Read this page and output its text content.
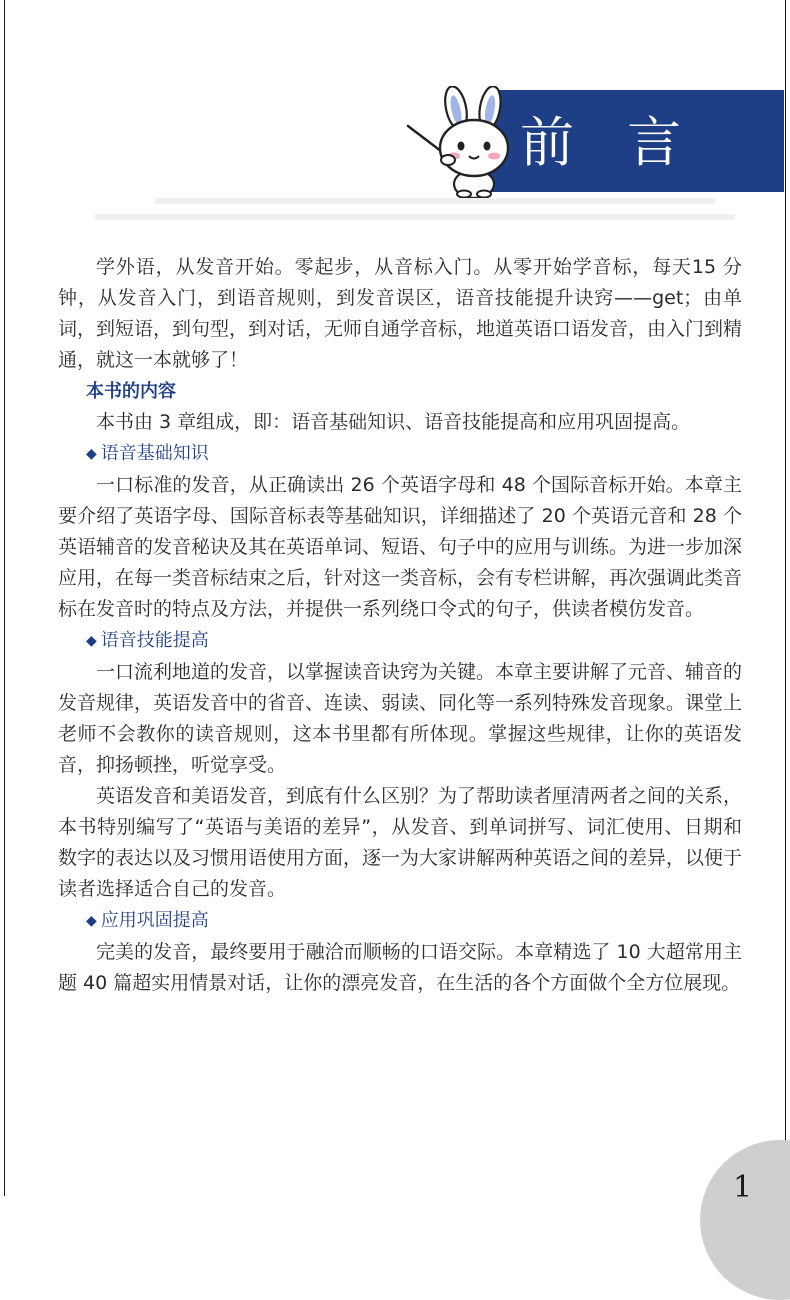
前 言

学外语，从发音开始。零起步，从音标入门。从零开始学音标，每天15 分钟，从发音入门，到语音规则，到发音误区，语音技能提升诀窍——get；由单词，到短语，到句型，到对话，无师自通学音标，地道英语口语发音，由入门到精通，就这一本就够了！

本书的内容

本书由 3 章组成，即：语音基础知识、语音技能提高和应用巩固提高。

◆ 语音基础知识

一口标准的发音，从正确读出 26 个英语字母和 48 个国际音标开始。本章主要介绍了英语字母、国际音标表等基础知识，详细描述了 20 个英语元音和 28 个英语辅音的发音秘诀及其在英语单词、短语、句子中的应用与训练。为进一步加深应用，在每一类音标结束之后，针对这一类音标，会有专栏讲解，再次强调此类音标在发音时的特点及方法，并提供一系列绕口令式的句子，供读者模仿发音。

◆ 语音技能提高

一口流利地道的发音，以掌握读音诀窍为关键。本章主要讲解了元音、辅音的发音规律，英语发音中的省音、连读、弱读、同化等一系列特殊发音现象。课堂上老师不会教你的读音规则，这本书里都有所体现。掌握这些规律，让你的英语发音，抑扬顿挫，听觉享受。

英语发音和美语发音，到底有什么区别？为了帮助读者厘清两者之间的关系，本书特别编写了“英语与美语的差异”，从发音、到单词拼写、词汇使用、日期和数字的表达以及习惯用语使用方面，逐一为大家讲解两种英语之间的差异，以便于读者选择适合自己的发音。

◆ 应用巩固提高

完美的发音，最终要用于融洽而顺畅的口语交际。本章精选了 10 大超常用主题 40 篇超实用情景对话，让你的漂亮发音，在生活的各个方面做个全方位展现。

1
